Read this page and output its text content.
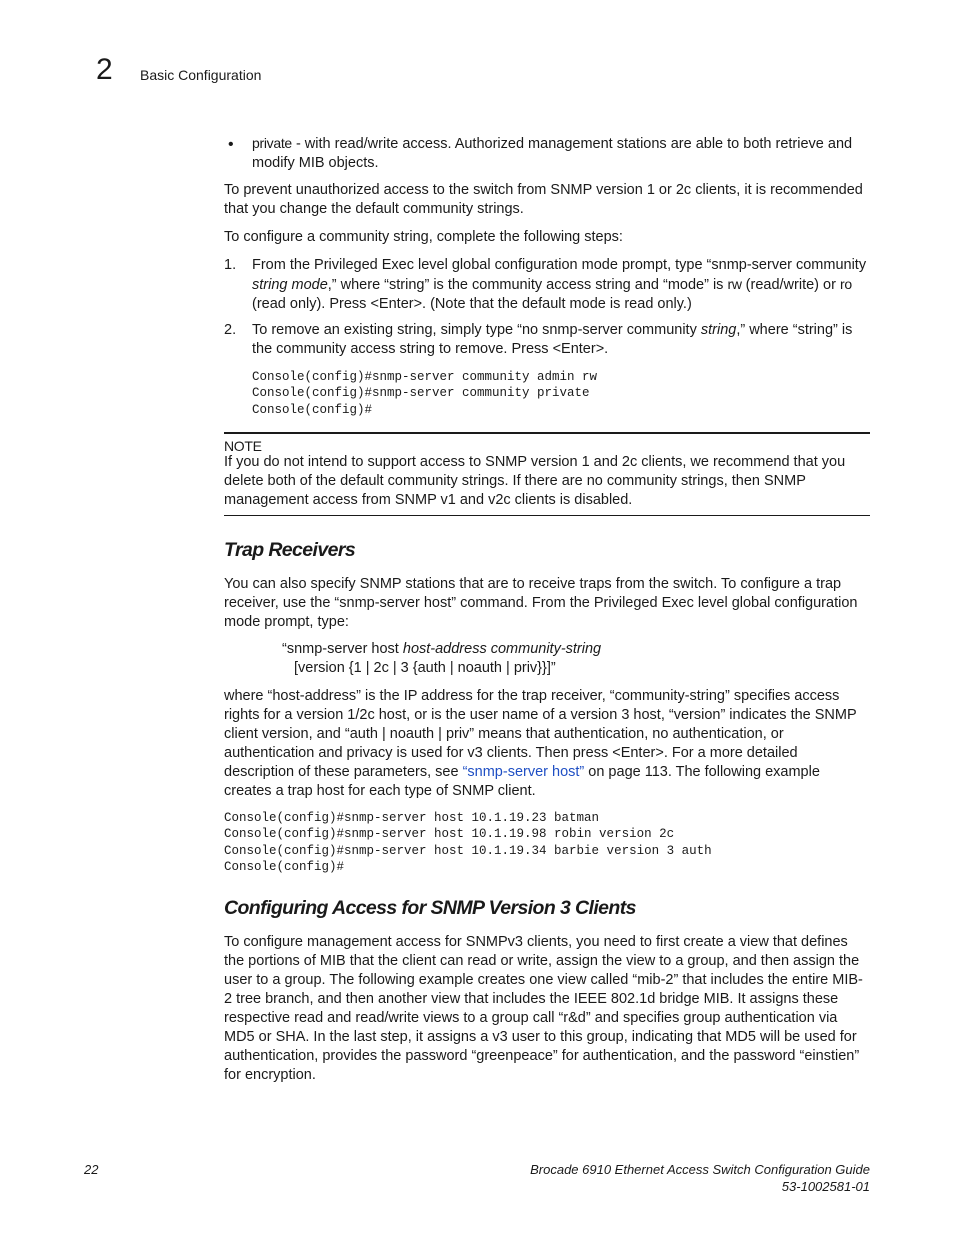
2 Basic Configuration
• private - with read/write access. Authorized management stations are able to both retrieve and modify MIB objects.

To prevent unauthorized access to the switch from SNMP version 1 or 2c clients, it is recommended that you change the default community strings.

To configure a community string, complete the following steps:

1.	From the Privileged Exec level global configuration mode prompt, type “snmp-server community string mode,” where “string” is the community access string and “mode” is rw (read/write) or ro (read only). Press <Enter>. (Note that the default mode is read only.)

2.	To remove an existing string, simply type “no snmp-server community string,” where “string” is the community access string to remove. Press <Enter>.

Console(config)#snmp-server community admin rw
Console(config)#snmp-server community private
Console(config)#
NOTE

If you do not intend to support access to SNMP version 1 and 2c clients, we recommend that you delete both of the default community strings. If there are no community strings, then SNMP management access from SNMP v1 and v2c clients is disabled.

Trap Receivers

You can also specify SNMP stations that are to receive traps from the switch. To configure a trap receiver, use the “snmp-server host” command. From the Privileged Exec level global configuration mode prompt, type:

“snmp-server host host-address community-string
[version {1 | 2c | 3 {auth | noauth | priv}}]”

where “host-address” is the IP address for the trap receiver, “community-string” specifies access rights for a version 1/2c host, or is the user name of a version 3 host, “version” indicates the SNMP client version, and “auth | noauth | priv” means that authentication, no authentication, or authentication and privacy is used for v3 clients. Then press <Enter>. For a more detailed description of these parameters, see “snmp-server host” on page 113. The following example creates a trap host for each type of SNMP client.

Console(config)#snmp-server host 10.1.19.23 batman
Console(config)#snmp-server host 10.1.19.98 robin version 2c
Console(config)#snmp-server host 10.1.19.34 barbie version 3 auth
Console(config)#
Configuring Access for SNMP Version 3 Clients

To configure management access for SNMPv3 clients, you need to first create a view that defines the portions of MIB that the client can read or write, assign the view to a group, and then assign the user to a group. The following example creates one view called “mib-2” that includes the entire MIB-2 tree branch, and then another view that includes the IEEE 802.1d bridge MIB. It assigns these respective read and read/write views to a group call “r&d” and specifies group authentication via MD5 or SHA. In the last step, it assigns a v3 user to this group, indicating that MD5 will be used for authentication, provides the password “greenpeace” for authentication, and the password “einstien” for encryption.

22	Brocade 6910 Ethernet Access Switch Configuration Guide
53-1002581-01
